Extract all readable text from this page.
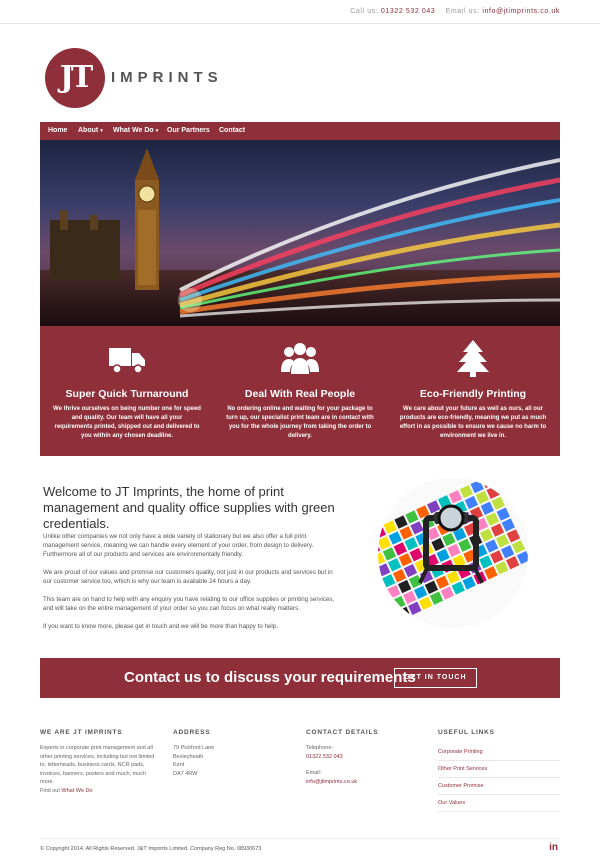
Call us: 01322 532 043 Email us: info@jtimprints.co.uk
JT	IMPRINTS
Home About ▾ What We Do ▾ Our Partners Contact
Super Quick Turnaround
We thrive ourselves on being number one for speed and quality. Our team will have all your requirements printed, shipped out and delivered to you within any chosen deadline.
Deal With Real People
No ordering online and waiting for your package to turn up, our specialist print team are in contact with you for the whole journey from taking the order to delivery.
Eco-Friendly Printing
We care about your future as well as ours, all our products are eco-friendly, meaning we put as much effort in as possible to ensure we cause no harm to environment we live in.
Welcome to JT Imprints, the home of print management and quality office supplies with green credentials.

Unlike other companies we not only have a wide variety of stationary but we also offer a full print management service, meaning we can handle every element of your order, from design to delivery. Furthermore all of our products and services are environmentally friendly.

We are proud of our values and promise our customers quality, not just in our products and services but in our customer service too, which is why our team is available 24 hours a day.

This team are on hand to help with any enquiry you have relating to our office supplies or printing services, and will take on the entire management of your order so you can focus on what really matters.

If you want to know more, please get in touch and we will be more than happy to help.

Contact us to discuss your requirements
GET IN TOUCH
WE ARE JT IMPRINTS
Experts in corporate print management and all other printing services, including but not limited to, letterheads, business cards, NCR pads, invoices, banners, posters and much, much more.
Find out What We Do
ADDRESS
79 Pickford Lane
Bexleyheath
Kent
DA7 4RW
CONTACT DETAILS
Telephone:
01322 532 043
Email:
info@jtimprints.co.uk
USEFUL LINKS
Corporate Printing
Other Print Services
Customer Promise
Our Values
© Copyright 2014. All Rights Reserved. J&T Imprints Limited. Company Reg No. 08930673	in
